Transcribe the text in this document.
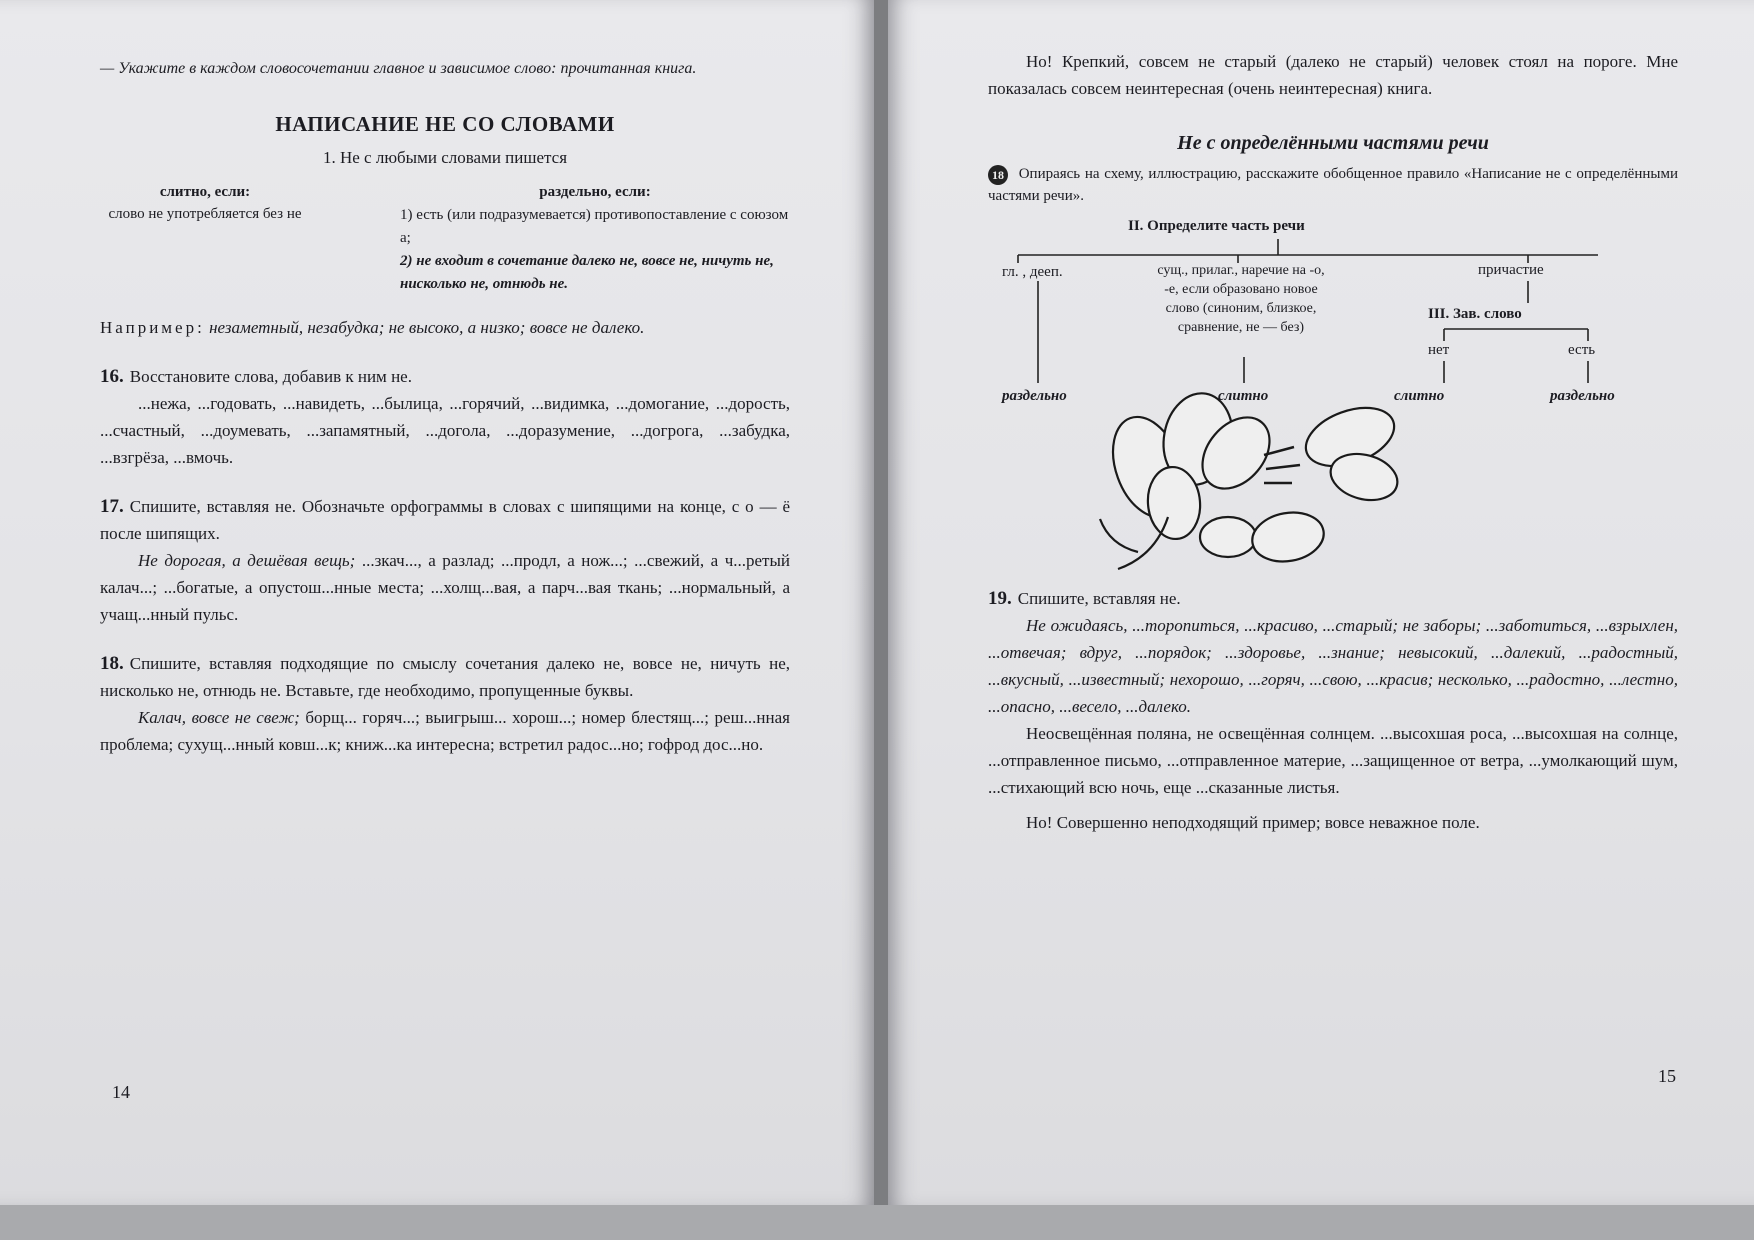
— Укажите в каждом словосочетании главное и зависимое слово: прочитанная книга.

НАПИСАНИЕ НЕ СО СЛОВАМИ
1. Не с любыми словами пишется
слитно, если:
слово не употребляется без не
раздельно, если:
1) есть (или подразумевается) противопоставление с союзом а;
2) не входит в сочетание далеко не, вовсе не, ничуть не, нисколько не, отнюдь не.

Например: незаметный, незабудка; не высоко, а низко; вовсе не далеко.

16. Восстановите слова, добавив к ним не.

...нежа, ...годовать, ...навидеть, ...былица, ...горячий, ...видимка, ...домогание, ...дорость, ...счастный, ...доумевать, ...запамятный, ...догола, ...доразумение, ...догрога, ...забудка, ...взгрёза, ...вмочь.

17. Спишите, вставляя не. Обозначьте орфограммы в словах с шипящими на конце, с о — ё после шипящих.

Не дорогая, а дешёвая вещь; ...зкач..., а разлад; ...продл, а нож...; ...свежий, а ч...ретый калач...; ...богатые, а опустош...нные места; ...холщ...вая, а парч...вая ткань; ...нормальный, а учащ...нный пульс.

18. Спишите, вставляя подходящие по смыслу сочетания далеко не, вовсе не, ничуть не, нисколько не, отнюдь не. Вставьте, где необходимо, пропущенные буквы.

Калач, вовсе не свеж; борщ... горяч...; выигрыш... хорош...; номер блестящ...; реш...нная проблема; сухущ...нный ковш...к; книж...ка интересна; встретил радос...но; гофрод дос...но.

14

Но! Крепкий, совсем не старый (далеко не старый) человек стоял на пороге. Мне показалась совсем неинтересная (очень неинтересная) книга.

Не с определёнными частями речи

18 Опираясь на схему, иллюстрацию, расскажите обобщенное правило «Написание не с определёнными частями речи».

II. Определите часть речи
гл. , дееп.	сущ., прилаг., наречие на -о, -е, если образовано новое слово (синоним, близкое, сравнение, не — без)
причастие
III. Зав. слово
нет	есть
раздельно	слитно	слитно	раздельно

19. Спишите, вставляя не.

Не ожидаясь, ...торопиться, ...красиво, ...старый; не заборы; ...заботиться, ...взрыхлен, ...отвечая; вдруг, ...порядок; ...здоровье, ...знание; невысокий, ...далекий, ...радостный, ...вкусный, ...известный; нехорошо, ...горяч, ...свою, ...красив; несколько, ...радостно, ...лестно, ...опасно, ...весело, ...далеко.

Неосвещённая поляна, не освещённая солнцем. ...высохшая роса, ...высохшая на солнце, ...отправленное письмо, ...отправленное материе, ...защищенное от ветра, ...умолкающий шум, ...стихающий всю ночь, еще ...сказанные листья.

Но! Совершенно неподходящий пример; вовсе неважное поле.

15
